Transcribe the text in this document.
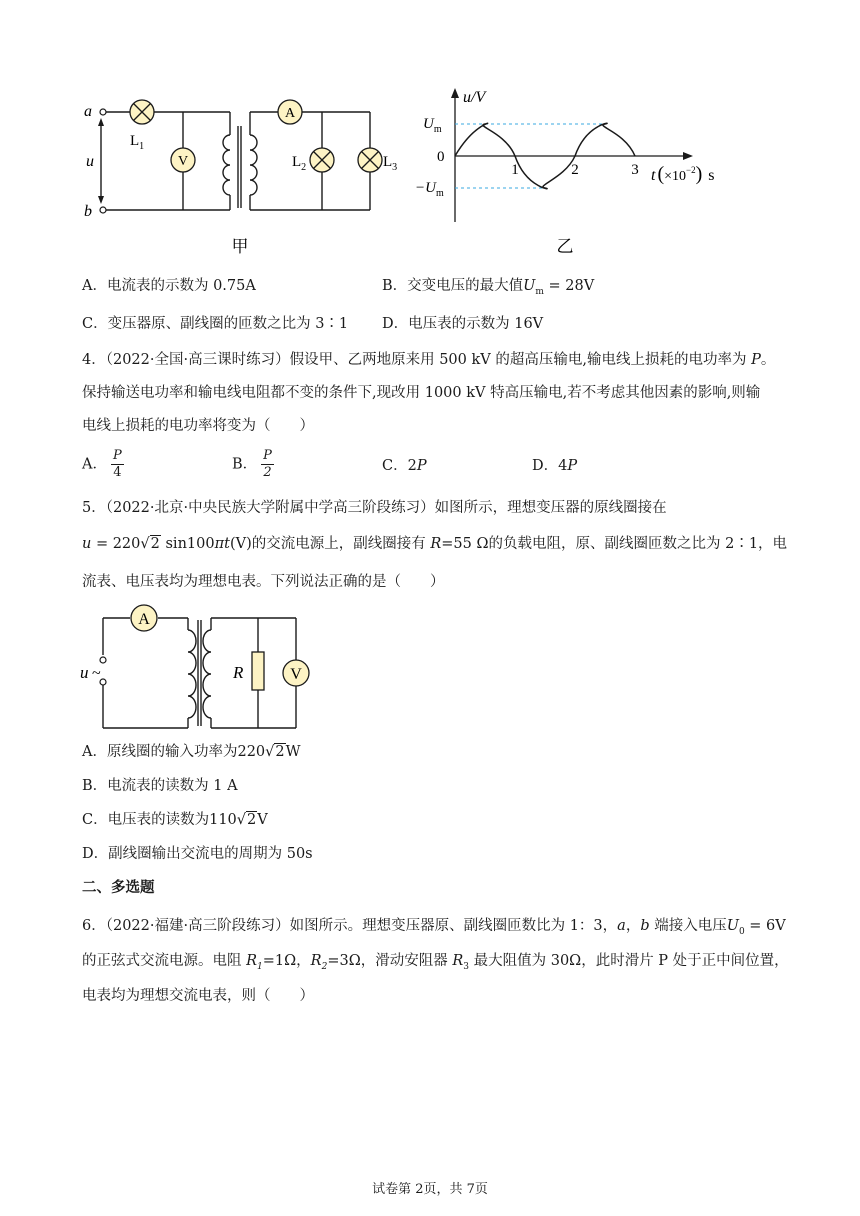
V
A
a
b
u
$L_1$
$L_2$	$L_3$
甲
u/V
$U_m$
0
$-U_m$
1	2	3 t $(\times 10^{-2})$ s
乙
A．电流表的示数为 0.75A	B．交变电压的最大值$U_m = 28V$
C．变压器原、副线圈的匝数之比为 3∶1 D．电压表的示数为 16V
4．（2022·全国·高三课时练习）假设甲、乙两地原来用 500 kV 的超高压输电,输电线上损耗的电功率为 P。
保持输送电功率和输电线电阻都不变的条件下,现改用 1000 kV 特高压输电,若不考虑其他因素的影响,则输
电线上损耗的电功率将变为（　　）
A． $\frac{P}{4}$	B． $\frac{P}{2}$	C．2P	D．4P
5．（2022·北京·中央民族大学附属中学高三阶段练习）如图所示，理想变压器的原线圈接在
u = 220√2 sin100πt(V)的交流电源上，副线圈接有 R=55 Ω的负载电阻，原、副线圈匝数之比为 2∶1，电
流表、电压表均为理想电表。下列说法正确的是（　　）
A
V
R
u ~
A．原线圈的输入功率为220√2W
B．电流表的读数为 1 A
C．电压表的读数为110√2V
D．副线圈输出交流电的周期为 50s
二、多选题
6．（2022·福建·高三阶段练习）如图所示。理想变压器原、副线圈匝数比为 1：3，a，b 端接入电压$U_0 = 6V$
的正弦式交流电源。电阻 $R_1=1\Omega$，$R_2=3\Omega$，滑动安阻器 $R_3$ 最大阻值为 30Ω，此时滑片 P 处于正中间位置，
电表均为理想交流电表，则（　　）
试卷第 2页，共 7页
